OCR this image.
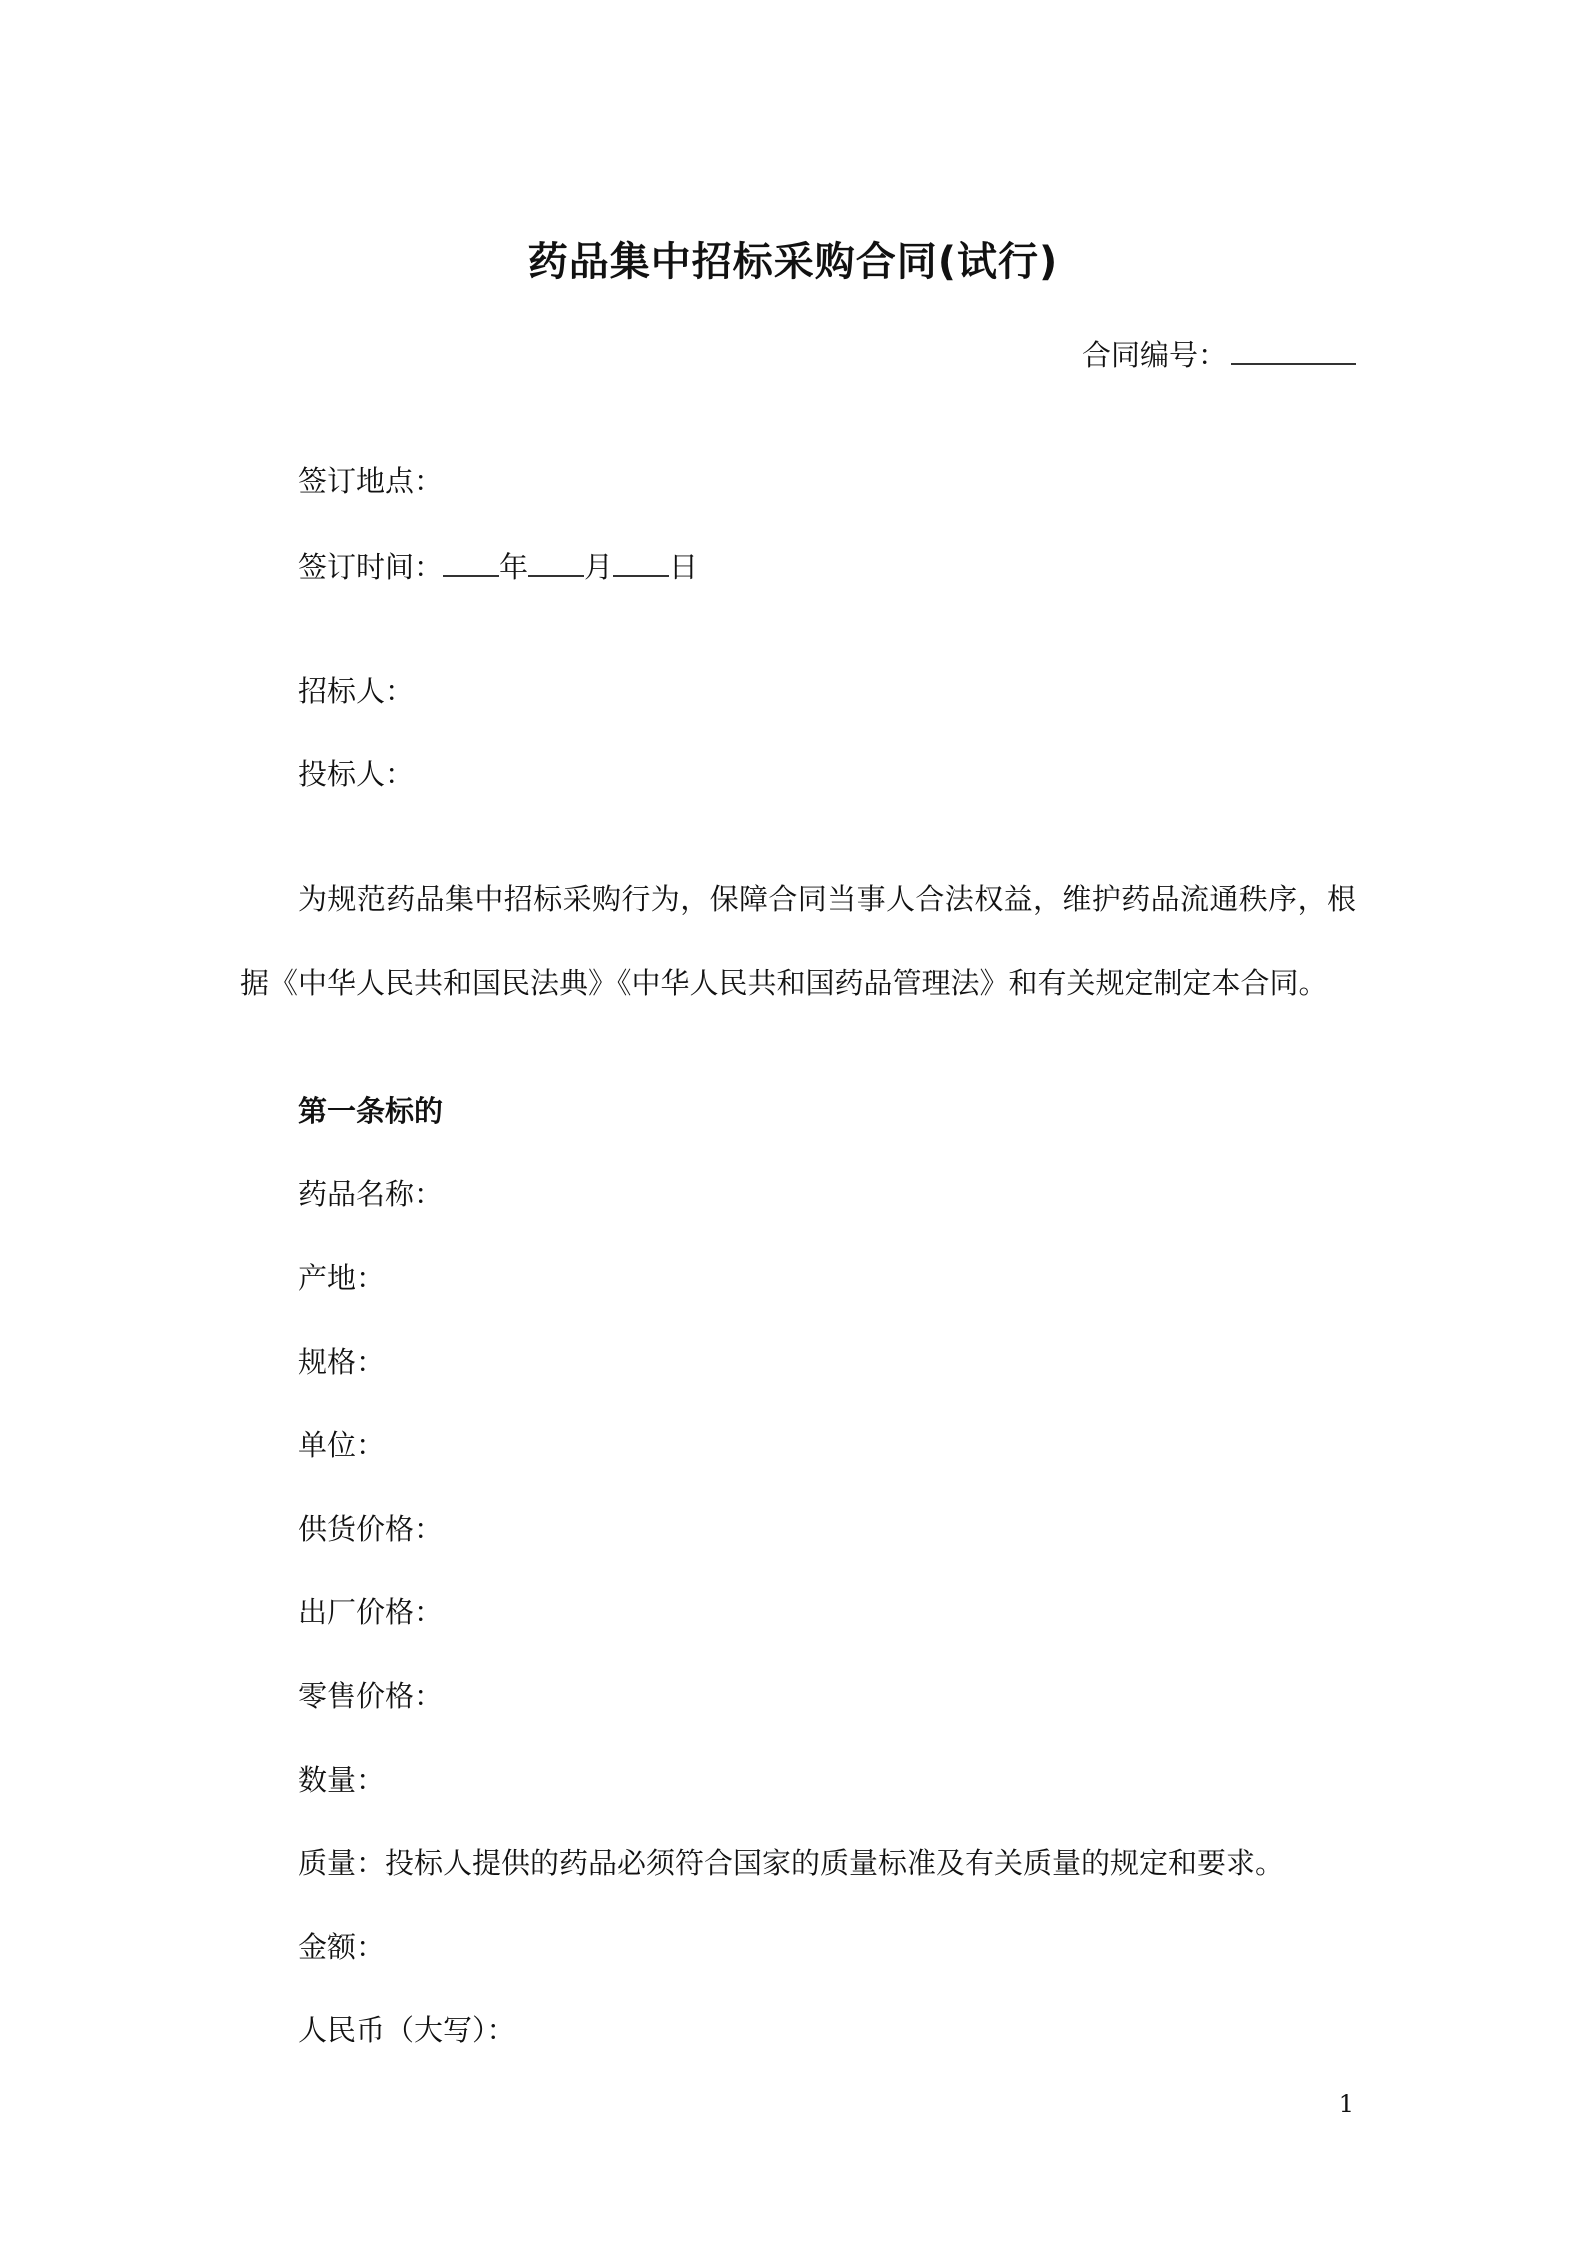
药品集中招标采购合同(试行)
合同编号：
签订地点：
签订时间： 年 月 日
招标人：
投标人：
为规范药品集中招标采购行为，保障合同当事人合法权益，维护药品流通秩序，根据《中华人民共和国民法典》《中华人民共和国药品管理法》和有关规定制定本合同。
第一条标的
药品名称：
产地：
规格：
单位：
供货价格：
出厂价格：
零售价格：
数量：
质量：投标人提供的药品必须符合国家的质量标准及有关质量的规定和要求。
金额：
人民币（大写）：
1
